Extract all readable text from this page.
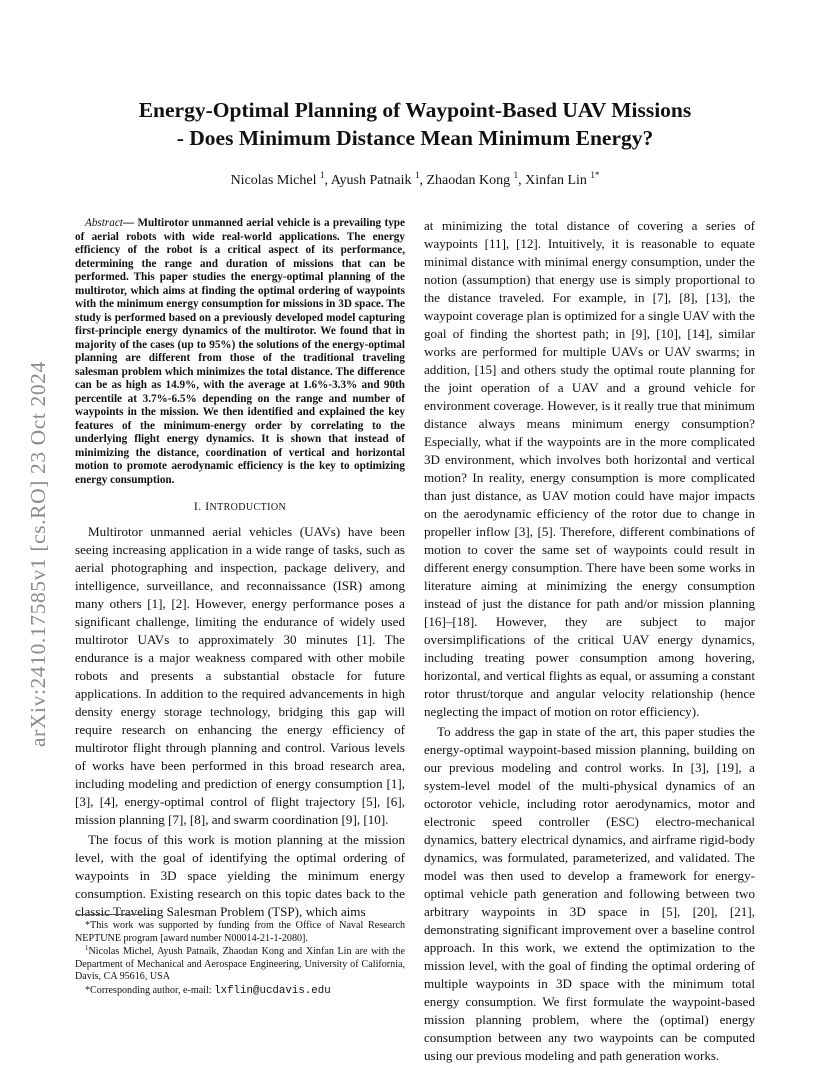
arXiv:2410.17585v1 [cs.RO] 23 Oct 2024
Energy-Optimal Planning of Waypoint-Based UAV Missions
- Does Minimum Distance Mean Minimum Energy?
Nicolas Michel $^1$, Ayush Patnaik $^1$, Zhaodan Kong $^1$, Xinfan Lin $^{1*}$

Abstract— Multirotor unmanned aerial vehicle is a prevailing type of aerial robots with wide real-world applications. The energy efficiency of the robot is a critical aspect of its performance, determining the range and duration of missions that can be performed. This paper studies the energy-optimal planning of the multirotor, which aims at finding the optimal ordering of waypoints with the minimum energy consumption for missions in 3D space. The study is performed based on a previously developed model capturing first-principle energy dynamics of the multirotor. We found that in majority of the cases (up to 95%) the solutions of the energy-optimal planning are different from those of the traditional traveling salesman problem which minimizes the total distance. The difference can be as high as 14.9%, with the average at 1.6%-3.3% and 90th percentile at 3.7%-6.5% depending on the range and number of waypoints in the mission. We then identified and explained the key features of the minimum-energy order by correlating to the underlying flight energy dynamics. It is shown that instead of minimizing the distance, coordination of vertical and horizontal motion to promote aerodynamic efficiency is the key to optimizing energy consumption.

I. INTRODUCTION

Multirotor unmanned aerial vehicles (UAVs) have been seeing increasing application in a wide range of tasks, such as aerial photographing and inspection, package delivery, and intelligence, surveillance, and reconnaissance (ISR) among many others [1], [2]. However, energy performance poses a significant challenge, limiting the endurance of widely used multirotor UAVs to approximately 30 minutes [1]. The endurance is a major weakness compared with other mobile robots and presents a substantial obstacle for future applications. In addition to the required advancements in high density energy storage technology, bridging this gap will require research on enhancing the energy efficiency of multirotor flight through planning and control. Various levels of works have been performed in this broad research area, including modeling and prediction of energy consumption [1], [3], [4], energy-optimal control of flight trajectory [5], [6], mission planning [7], [8], and swarm coordination [9], [10].

The focus of this work is motion planning at the mission level, with the goal of identifying the optimal ordering of waypoints in 3D space yielding the minimum energy consumption. Existing research on this topic dates back to the classic Traveling Salesman Problem (TSP), which aims

at minimizing the total distance of covering a series of waypoints [11], [12]. Intuitively, it is reasonable to equate minimal distance with minimal energy consumption, under the notion (assumption) that energy use is simply proportional to the distance traveled. For example, in [7], [8], [13], the waypoint coverage plan is optimized for a single UAV with the goal of finding the shortest path; in [9], [10], [14], similar works are performed for multiple UAVs or UAV swarms; in addition, [15] and others study the optimal route planning for the joint operation of a UAV and a ground vehicle for environment coverage. However, is it really true that minimum distance always means minimum energy consumption? Especially, what if the waypoints are in the more complicated 3D environment, which involves both horizontal and vertical motion? In reality, energy consumption is more complicated than just distance, as UAV motion could have major impacts on the aerodynamic efficiency of the rotor due to change in propeller inflow [3], [5]. Therefore, different combinations of motion to cover the same set of waypoints could result in different energy consumption. There have been some works in literature aiming at minimizing the energy consumption instead of just the distance for path and/or mission planning [16]–[18]. However, they are subject to major oversimplifications of the critical UAV energy dynamics, including treating power consumption among hovering, horizontal, and vertical flights as equal, or assuming a constant rotor thrust/torque and angular velocity relationship (hence neglecting the impact of motion on rotor efficiency).

To address the gap in state of the art, this paper studies the energy-optimal waypoint-based mission planning, building on our previous modeling and control works. In [3], [19], a system-level model of the multi-physical dynamics of an octorotor vehicle, including rotor aerodynamics, motor and electronic speed controller (ESC) electro-mechanical dynamics, battery electrical dynamics, and airframe rigid-body dynamics, was formulated, parameterized, and validated. The model was then used to develop a framework for energy-optimal vehicle path generation and following between two arbitrary waypoints in 3D space in [5], [20], [21], demonstrating significant improvement over a baseline control approach. In this work, we extend the optimization to the mission level, with the goal of finding the optimal ordering of multiple waypoints in 3D space with the minimum total energy consumption. We first formulate the waypoint-based mission planning problem, where the (optimal) energy consumption between any two waypoints can be computed using our previous modeling and path generation works.

*This work was supported by funding from the Office of Naval Research NEPTUNE program [award number N00014-21-1-2080].

$^1$Nicolas Michel, Ayush Patnaik, Zhaodan Kong and Xinfan Lin are with the Department of Mechanical and Aerospace Engineering, University of California, Davis, CA 95616, USA

*Corresponding author, e-mail: lxflin@ucdavis.edu
